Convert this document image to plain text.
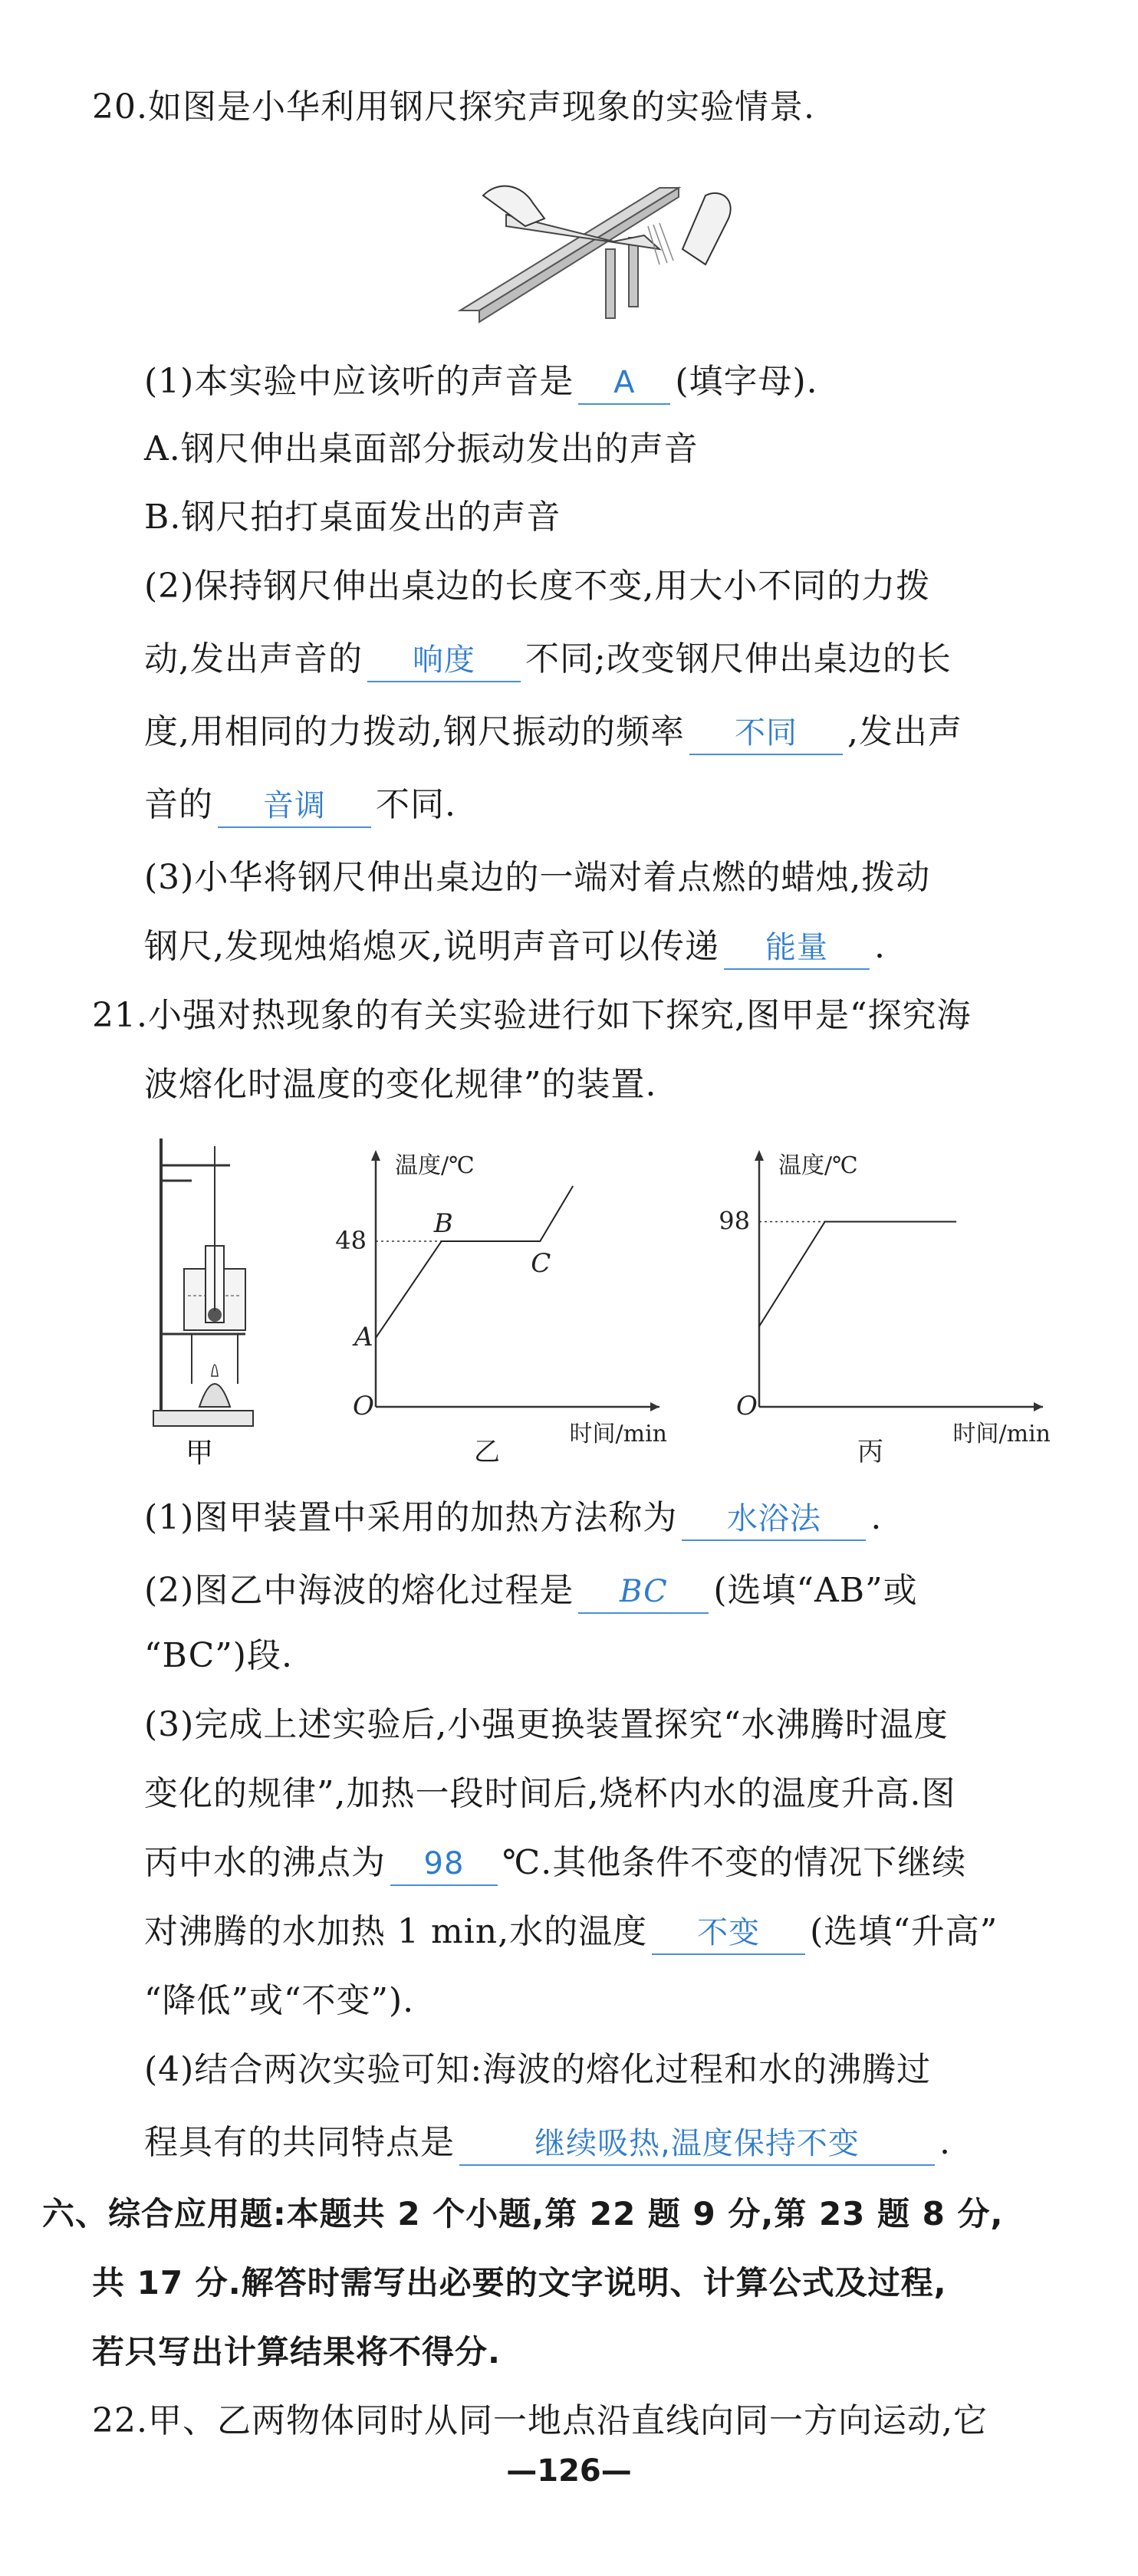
20.如图是小华利用钢尺探究声现象的实验情景.
(1)本实验中应该听的声音是 A (填字母).
A.钢尺伸出桌面部分振动发出的声音
B.钢尺拍打桌面发出的声音
(2)保持钢尺伸出桌边的长度不变,用大小不同的力拨
动,发出声音的 响度 不同;改变钢尺伸出桌边的长
度,用相同的力拨动,钢尺振动的频率 不同 ,发出声
音的 音调 不同.
(3)小华将钢尺伸出桌边的一端对着点燃的蜡烛,拨动
钢尺,发现烛焰熄灭,说明声音可以传递 能量 .
21.小强对热现象的有关实验进行如下探究,图甲是“探究海
波熔化时温度的变化规律”的装置.
甲
温度/℃
时间/min
O
48
A
B
C
乙
温度/℃
时间/min
O
98
丙
(1)图甲装置中采用的加热方法称为 水浴法 .
(2)图乙中海波的熔化过程是 BC (选填“AB”或
“BC”)段.
(3)完成上述实验后,小强更换装置探究“水沸腾时温度
变化的规律”,加热一段时间后,烧杯内水的温度升高.图
丙中水的沸点为 98 ℃.其他条件不变的情况下继续
对沸腾的水加热 1 min,水的温度 不变 (选填“升高”
“降低”或“不变”).
(4)结合两次实验可知:海波的熔化过程和水的沸腾过
程具有的共同特点是	继续吸热,温度保持不变 .
六、综合应用题:本题共 2 个小题,第 22 题 9 分,第 23 题 8 分,
共 17 分.解答时需写出必要的文字说明、计算公式及过程,
若只写出计算结果将不得分.
22.甲、乙两物体同时从同一地点沿直线向同一方向运动,它
—126—
